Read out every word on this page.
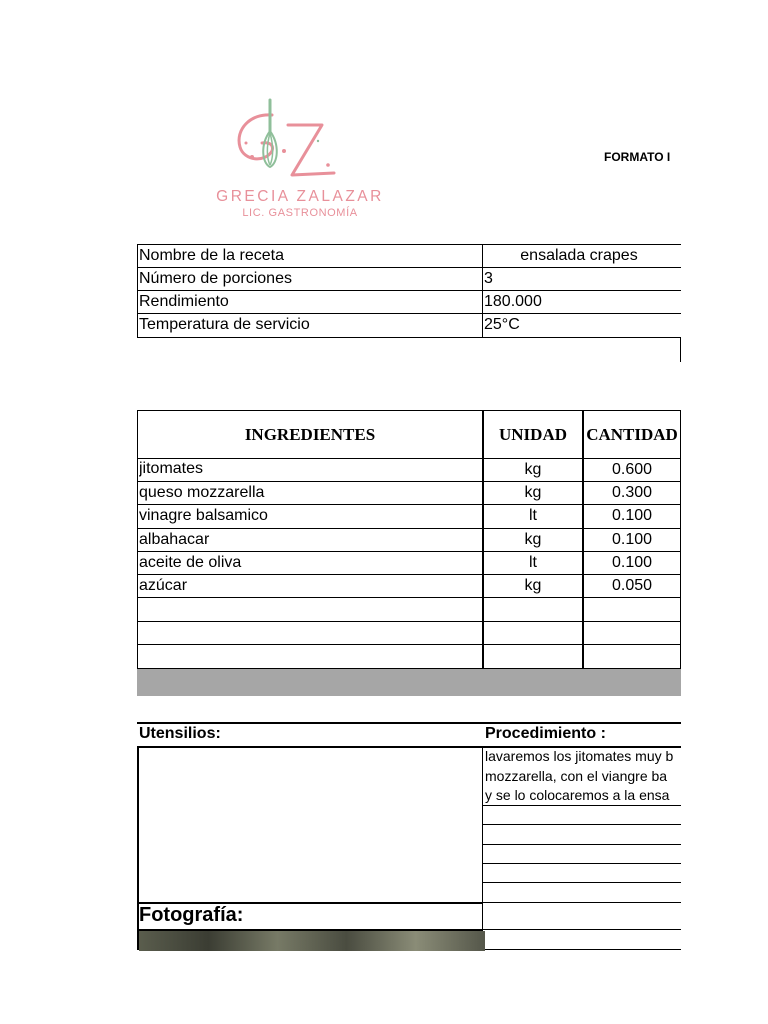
GRECIA ZALAZAR
LIC. GASTRONOMÍA
FORMATO I
Nombre de la receta	ensalada crapes
Número de porciones	3
Rendimiento	180.000
Temperatura de servicio	25°C
INGREDIENTES	UNIDAD	CANTIDAD
jitomates	kg	0.600
queso mozzarella	kg	0.300
vinagre balsamico	lt	0.100
albahacar	kg	0.100
aceite de oliva	lt	0.100
azúcar	kg	0.050
Utensilios:	Procedimiento :
lavaremos los jitomates muy b
mozzarella, con el viangre ba
y se lo colocaremos a la ensa
Fotografía:
